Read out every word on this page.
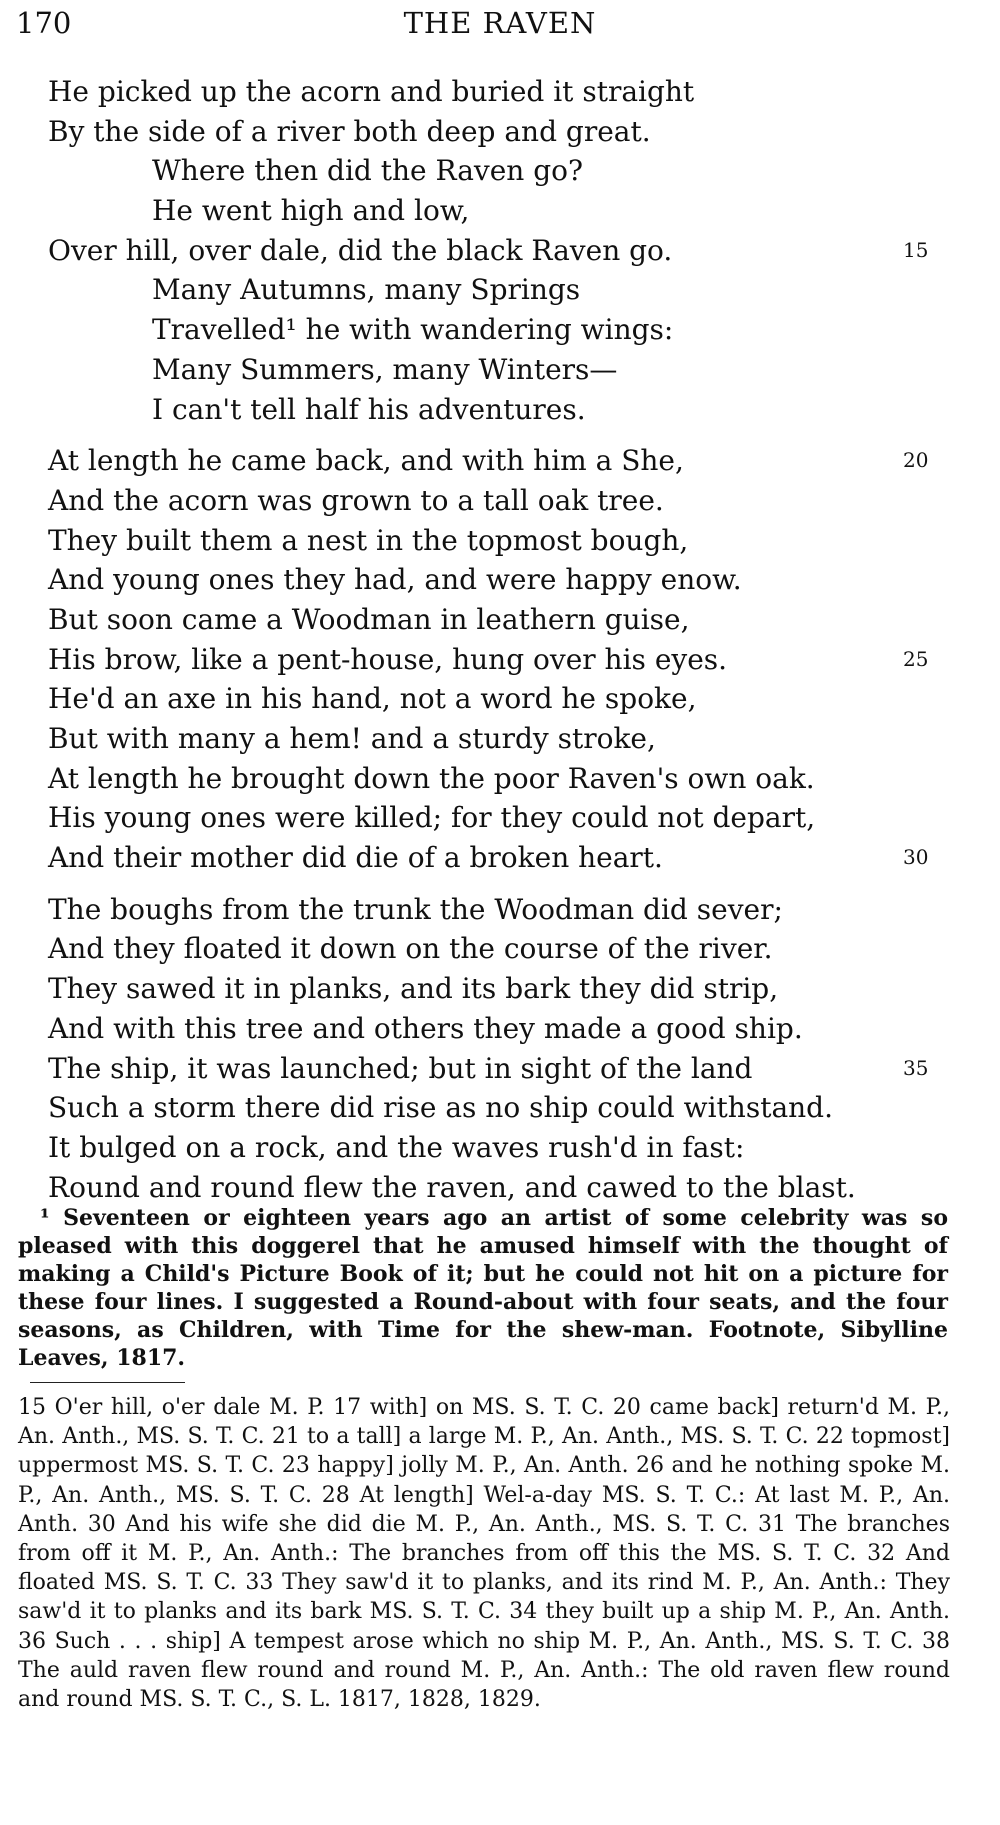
170	THE RAVEN
He picked up the acorn and buried it straight
By the side of a river both deep and great.
Where then did the Raven go?
He went high and low,
Over hill, over dale, did the black Raven go.	15
Many Autumns, many Springs
Travelled¹ he with wandering wings:
Many Summers, many Winters—
I can't tell half his adventures.
At length he came back, and with him a She,	20
And the acorn was grown to a tall oak tree.
They built them a nest in the topmost bough,
And young ones they had, and were happy enow.
But soon came a Woodman in leathern guise,
His brow, like a pent-house, hung over his eyes.	25
He'd an axe in his hand, not a word he spoke,
But with many a hem! and a sturdy stroke,
At length he brought down the poor Raven's own oak.
His young ones were killed; for they could not depart,
And their mother did die of a broken heart.	30
The boughs from the trunk the Woodman did sever;
And they floated it down on the course of the river.
They sawed it in planks, and its bark they did strip,
And with this tree and others they made a good ship.
The ship, it was launched; but in sight of the land	35
Such a storm there did rise as no ship could withstand.
It bulged on a rock, and the waves rush'd in fast:
Round and round flew the raven, and cawed to the blast.

¹ Seventeen or eighteen years ago an artist of some celebrity was so pleased with this doggerel that he amused himself with the thought of making a Child's Picture Book of it; but he could not hit on a picture for these four lines. I suggested a Round-about with four seats, and the four seasons, as Children, with Time for the shew-man. Footnote, Sibylline Leaves, 1817.

15 O'er hill, o'er dale M. P. 17 with] on MS. S. T. C. 20 came back] return'd M. P., An. Anth., MS. S. T. C. 21 to a tall] a large M. P., An. Anth., MS. S. T. C. 22 topmost] uppermost MS. S. T. C. 23 happy] jolly M. P., An. Anth. 26 and he nothing spoke M. P., An. Anth., MS. S. T. C. 28 At length] Wel-a-day MS. S. T. C.: At last M. P., An. Anth. 30 And his wife she did die M. P., An. Anth., MS. S. T. C. 31 The branches from off it M. P., An. Anth.: The branches from off this the MS. S. T. C. 32 And floated MS. S. T. C. 33 They saw'd it to planks, and its rind M. P., An. Anth.: They saw'd it to planks and its bark MS. S. T. C. 34 they built up a ship M. P., An. Anth. 36 Such . . . ship] A tempest arose which no ship M. P., An. Anth., MS. S. T. C. 38 The auld raven flew round and round M. P., An. Anth.: The old raven flew round and round MS. S. T. C., S. L. 1817, 1828, 1829.
